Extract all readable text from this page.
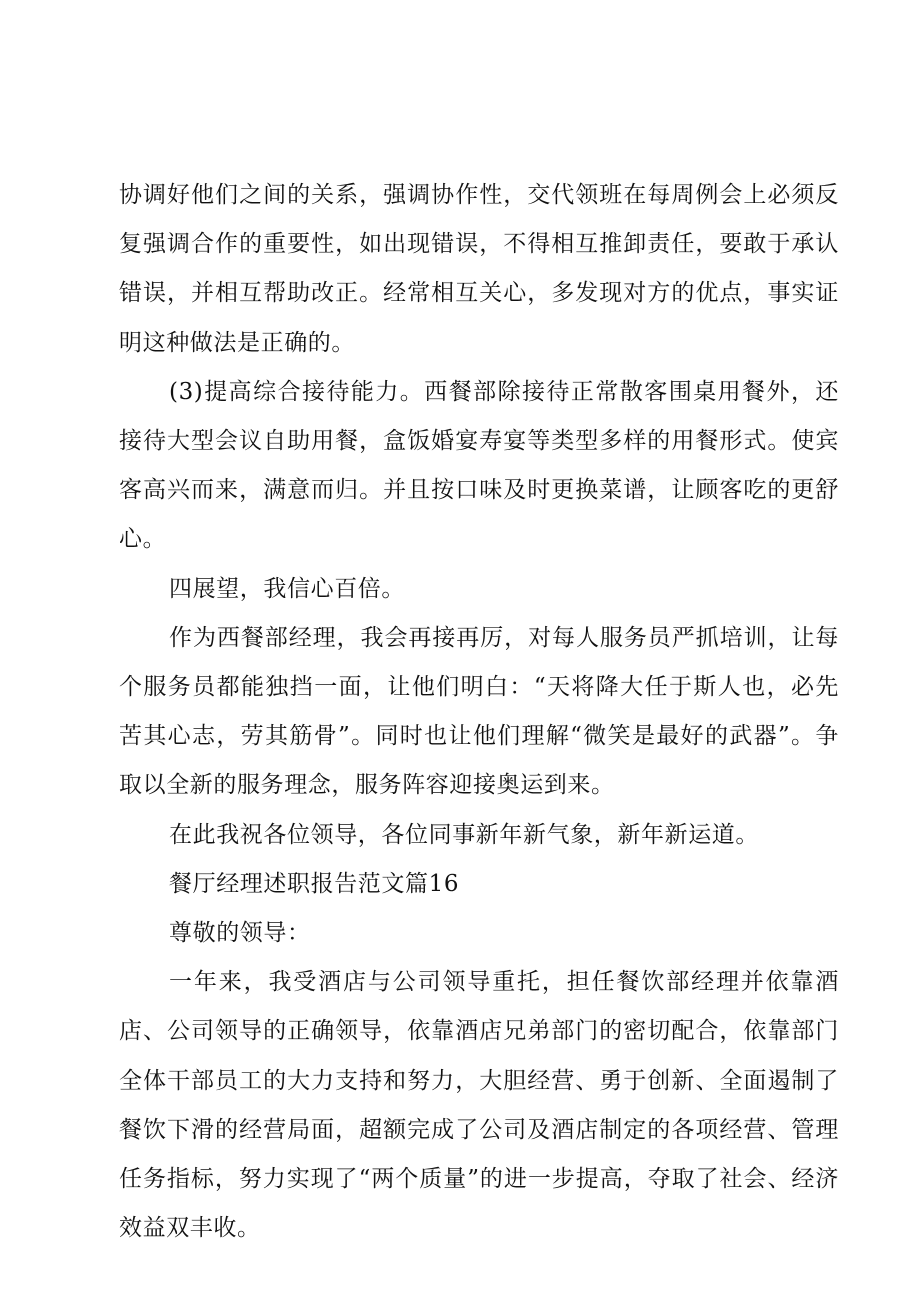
协调好他们之间的关系，强调协作性，交代领班在每周例会上必须反复强调合作的重要性，如出现错误，不得相互推卸责任，要敢于承认错误，并相互帮助改正。经常相互关心，多发现对方的优点，事实证明这种做法是正确的。

(3)提高综合接待能力。西餐部除接待正常散客围桌用餐外，还接待大型会议自助用餐，盒饭婚宴寿宴等类型多样的用餐形式。使宾客高兴而来，满意而归。并且按口味及时更换菜谱，让顾客吃的更舒心。

四展望，我信心百倍。

作为西餐部经理，我会再接再厉，对每人服务员严抓培训，让每个服务员都能独挡一面，让他们明白：“天将降大任于斯人也，必先苦其心志，劳其筋骨”。同时也让他们理解“微笑是最好的武器”。争取以全新的服务理念，服务阵容迎接奥运到来。

在此我祝各位领导，各位同事新年新气象，新年新运道。

餐厅经理述职报告范文篇16

尊敬的领导：

一年来，我受酒店与公司领导重托，担任餐饮部经理并依靠酒店、公司领导的正确领导，依靠酒店兄弟部门的密切配合，依靠部门全体干部员工的大力支持和努力，大胆经营、勇于创新、全面遏制了餐饮下滑的经营局面，超额完成了公司及酒店制定的各项经营、管理任务指标，努力实现了“两个质量”的进一步提高，夺取了社会、经济效益双丰收。
